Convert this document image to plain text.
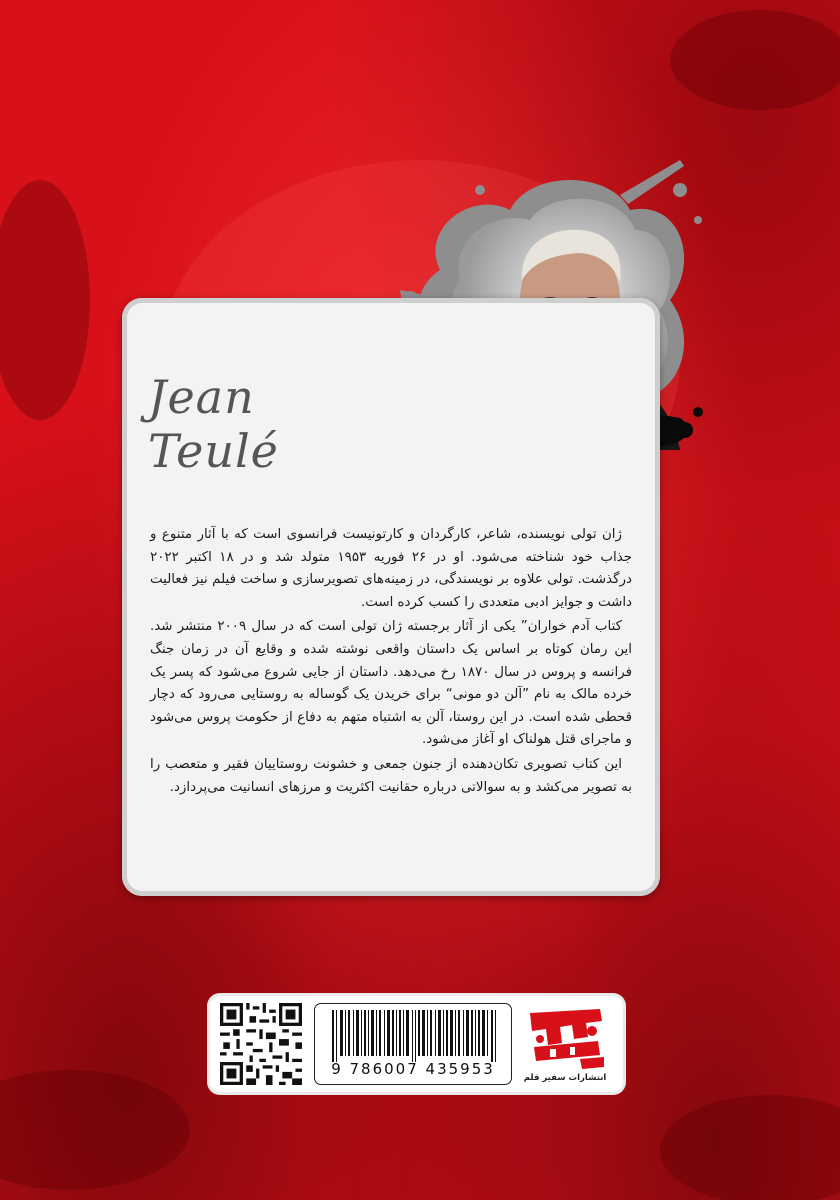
Jean Teulé

ژان تولی نویسنده، شاعر، کارگردان و کارتونیست فرانسوی است که با آثار متنوع و جذاب خود شناخته می‌شود. او در ۲۶ فوریه ۱۹۵۳ متولد شد و در ۱۸ اکتبر ۲۰۲۲ درگذشت. تولی علاوه بر نویسندگی، در زمینه‌های تصویرسازی و ساخت فیلم نیز فعالیت داشت و جوایز ادبی متعددی را کسب کرده است.

کتاب آدم خواران” یکی از آثار برجسته ژان تولی است که در سال ۲۰۰۹ منتشر شد. این رمان کوتاه بر اساس یک داستان واقعی نوشته شده و وقایع آن در زمان جنگ فرانسه و پروس در سال ۱۸۷۰ رخ می‌دهد. داستان از جایی شروع می‌شود که پسر یک خرده مالک به نام ”آلن دو مونی“ برای خریدن یک گوساله به روستایی می‌رود که دچار قحطی شده است. در این روستا، آلن به اشتباه متهم به دفاع از حکومت پروس می‌شود و ماجرای قتل هولناک او آغاز می‌شود.

این کتاب تصویری تکان‌دهنده از جنون جمعی و خشونت روستاییان فقیر و متعصب را به تصویر می‌کشد و به سوالاتی درباره حقانیت اکثریت و مرزهای انسانیت می‌پردازد.

9 786007 435953	انتشارات سفیر قلم
